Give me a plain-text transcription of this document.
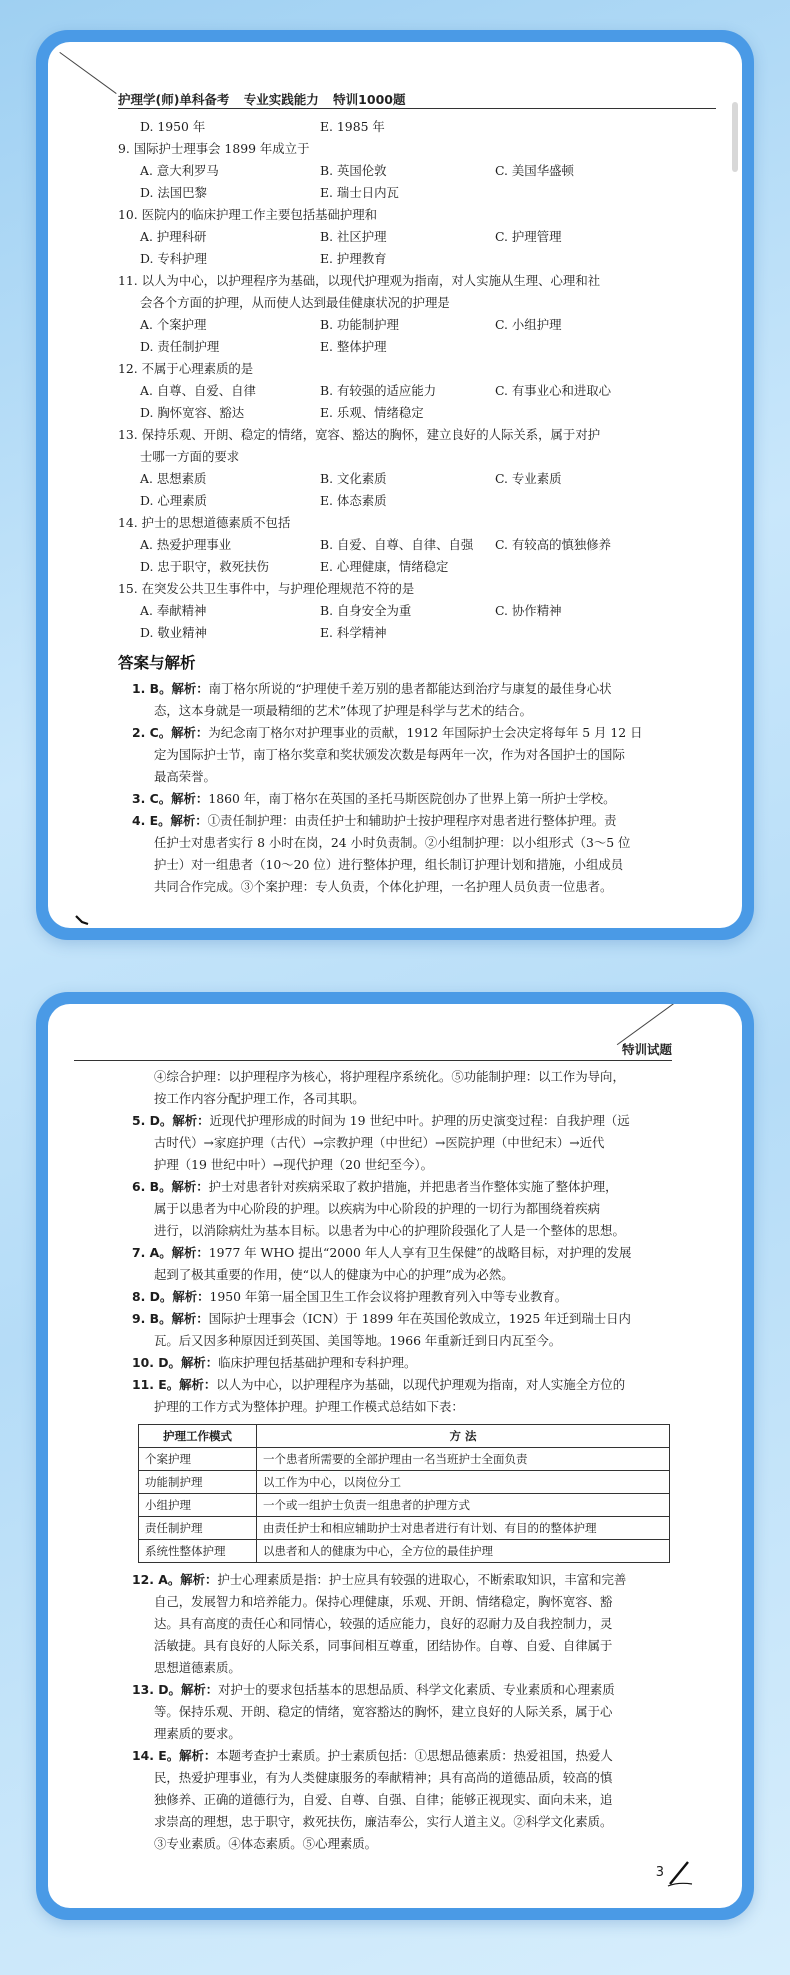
护理学(师)单科备考 专业实践能力 特训1000题
D. 1950 年	E. 1985 年
9. 国际护士理事会 1899 年成立于
A. 意大利罗马	B. 英国伦敦	C. 美国华盛顿
D. 法国巴黎	E. 瑞士日内瓦
10. 医院内的临床护理工作主要包括基础护理和
A. 护理科研	B. 社区护理	C. 护理管理
D. 专科护理	E. 护理教育
11. 以人为中心，以护理程序为基础，以现代护理观为指南，对人实施从生理、心理和社
会各个方面的护理，从而使人达到最佳健康状况的护理是
A. 个案护理	B. 功能制护理	C. 小组护理
D. 责任制护理	E. 整体护理
12. 不属于心理素质的是
A. 自尊、自爱、自律	B. 有较强的适应能力	C. 有事业心和进取心
D. 胸怀宽容、豁达	E. 乐观、情绪稳定
13. 保持乐观、开朗、稳定的情绪，宽容、豁达的胸怀，建立良好的人际关系，属于对护
士哪一方面的要求
A. 思想素质	B. 文化素质	C. 专业素质
D. 心理素质	E. 体态素质
14. 护士的思想道德素质不包括
A. 热爱护理事业	B. 自爱、自尊、自律、自强	C. 有较高的慎独修养
D. 忠于职守，救死扶伤	E. 心理健康，情绪稳定
15. 在突发公共卫生事件中，与护理伦理规范不符的是
A. 奉献精神	B. 自身安全为重	C. 协作精神
D. 敬业精神	E. 科学精神
答案与解析
1. B。解析：南丁格尔所说的“护理使千差万别的患者都能达到治疗与康复的最佳身心状
态，这本身就是一项最精细的艺术”体现了护理是科学与艺术的结合。
2. C。解析：为纪念南丁格尔对护理事业的贡献，1912 年国际护士会决定将每年 5 月 12 日
定为国际护士节，南丁格尔奖章和奖状颁发次数是每两年一次，作为对各国护士的国际
最高荣誉。
3. C。解析：1860 年，南丁格尔在英国的圣托马斯医院创办了世界上第一所护士学校。
4. E。解析：①责任制护理：由责任护士和辅助护士按护理程序对患者进行整体护理。责
任护士对患者实行 8 小时在岗，24 小时负责制。②小组制护理：以小组形式（3～5 位
护士）对一组患者（10～20 位）进行整体护理，组长制订护理计划和措施，小组成员
共同合作完成。③个案护理：专人负责，个体化护理，一名护理人员负责一位患者。
特训试题
④综合护理：以护理程序为核心，将护理程序系统化。⑤功能制护理：以工作为导向，
按工作内容分配护理工作，各司其职。
5. D。解析：近现代护理形成的时间为 19 世纪中叶。护理的历史演变过程：自我护理（远
古时代）→家庭护理（古代）→宗教护理（中世纪）→医院护理（中世纪末）→近代
护理（19 世纪中叶）→现代护理（20 世纪至今）。
6. B。解析：护士对患者针对疾病采取了救护措施，并把患者当作整体实施了整体护理，
属于以患者为中心阶段的护理。以疾病为中心阶段的护理的一切行为都围绕着疾病
进行，以消除病灶为基本目标。以患者为中心的护理阶段强化了人是一个整体的思想。
7. A。解析：1977 年 WHO 提出“2000 年人人享有卫生保健”的战略目标，对护理的发展
起到了极其重要的作用，使“以人的健康为中心的护理”成为必然。
8. D。解析：1950 年第一届全国卫生工作会议将护理教育列入中等专业教育。
9. B。解析：国际护士理事会（ICN）于 1899 年在英国伦敦成立，1925 年迁到瑞士日内
瓦。后又因多种原因迁到英国、美国等地。1966 年重新迁到日内瓦至今。
10. D。解析：临床护理包括基础护理和专科护理。
11. E。解析：以人为中心，以护理程序为基础，以现代护理观为指南，对人实施全方位的
护理的工作方式为整体护理。护理工作模式总结如下表：
护理工作模式	方 法
个案护理	一个患者所需要的全部护理由一名当班护士全面负责
功能制护理	以工作为中心，以岗位分工
小组护理	一个或一组护士负责一组患者的护理方式
责任制护理	由责任护士和相应辅助护士对患者进行有计划、有目的的整体护理
系统性整体护理	以患者和人的健康为中心，全方位的最佳护理
12. A。解析：护士心理素质是指：护士应具有较强的进取心，不断索取知识，丰富和完善
自己，发展智力和培养能力。保持心理健康，乐观、开朗、情绪稳定，胸怀宽容、豁
达。具有高度的责任心和同情心，较强的适应能力，良好的忍耐力及自我控制力，灵
活敏捷。具有良好的人际关系，同事间相互尊重，团结协作。自尊、自爱、自律属于
思想道德素质。
13. D。解析：对护士的要求包括基本的思想品质、科学文化素质、专业素质和心理素质
等。保持乐观、开朗、稳定的情绪，宽容豁达的胸怀，建立良好的人际关系，属于心
理素质的要求。
14. E。解析：本题考查护士素质。护士素质包括：①思想品德素质：热爱祖国，热爱人
民，热爱护理事业，有为人类健康服务的奉献精神；具有高尚的道德品质，较高的慎
独修养、正确的道德行为，自爱、自尊、自强、自律；能够正视现实、面向未来，追
求崇高的理想，忠于职守，救死扶伤，廉洁奉公，实行人道主义。②科学文化素质。
③专业素质。④体态素质。⑤心理素质。
3
